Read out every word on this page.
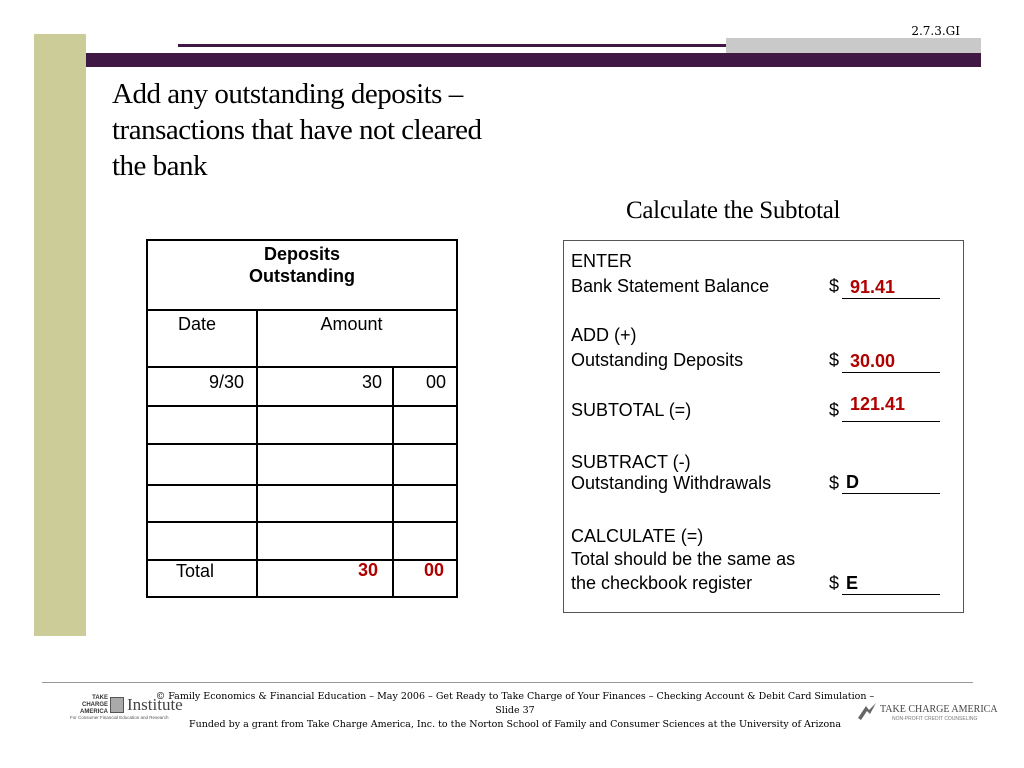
2.7.3.GI
Add any outstanding deposits –
transactions that have not cleared
the bank
Calculate the Subtotal
Deposits
Outstanding
Date	Amount
9/30	30	00
Total	30	00
ENTER
Bank Statement Balance	$ 91.41
ADD (+)
Outstanding Deposits	$ 30.00
SUBTOTAL (=)	$ 121.41
SUBTRACT (-)
Outstanding Withdrawals	$ D
CALCULATE (=)
Total should be the same as
the checkbook register	$ E
TAKE
CHARGE
AMERICA Institute
For Consumer Financial Education and Research
© Family Economics & Financial Education – May 2006 – Get Ready to Take Charge of Your Finances – Checking Account & Debit Card Simulation – Slide 37
Funded by a grant from Take Charge America, Inc. to the Norton School of Family and Consumer Sciences at the University of Arizona
TAKE CHARGE AMERICA
NON-PROFIT CREDIT COUNSELING
